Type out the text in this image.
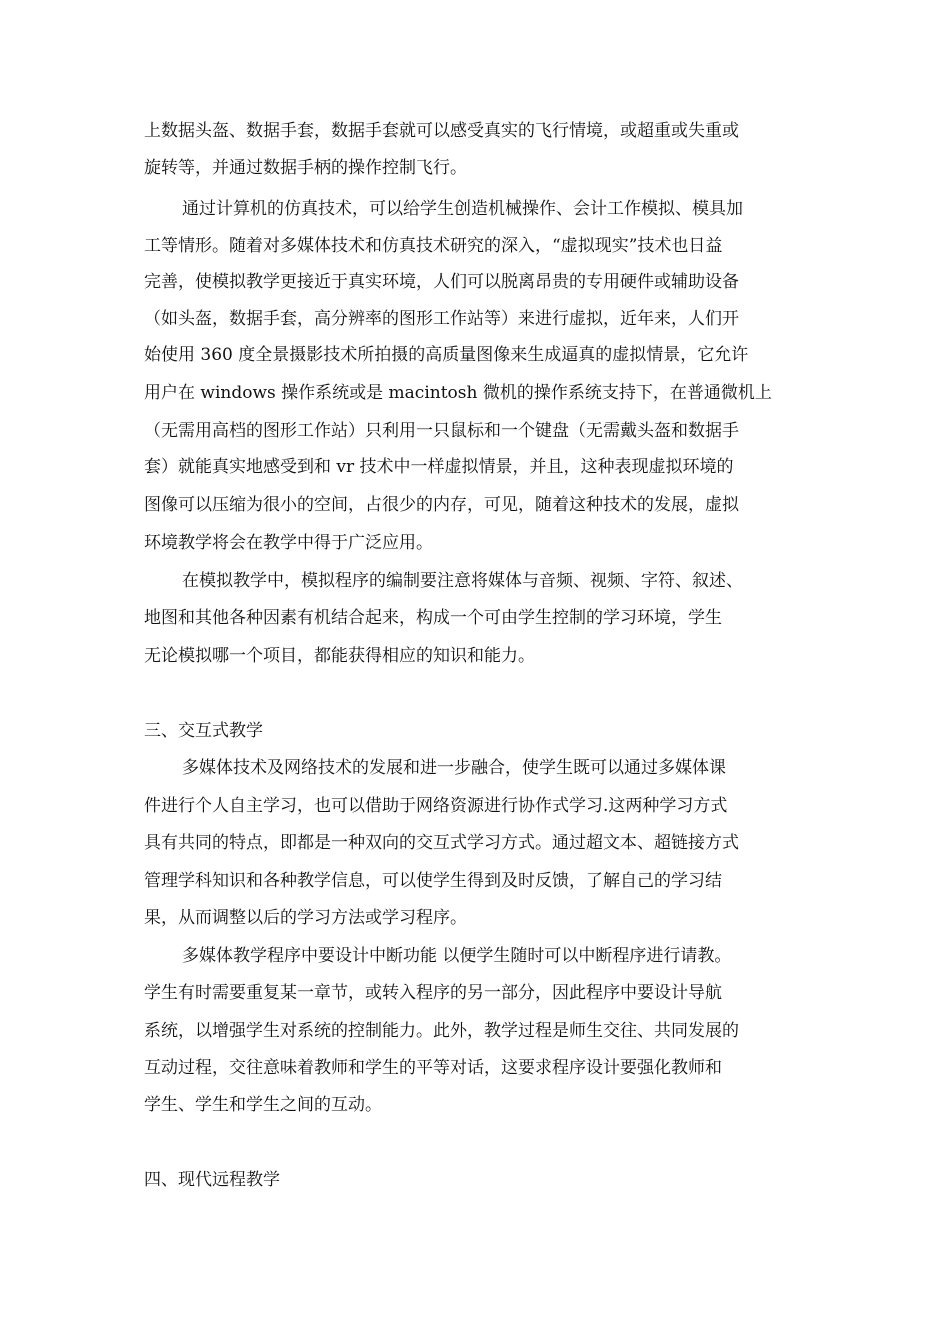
上数据头盔、数据手套，数据手套就可以感受真实的飞行情境，或超重或失重或
旋转等，并通过数据手柄的操作控制飞行。
通过计算机的仿真技术，可以给学生创造机械操作、会计工作模拟、模具加
工等情形。随着对多媒体技术和仿真技术研究的深入，“虚拟现实”技术也日益
完善，使模拟教学更接近于真实环境，人们可以脱离昂贵的专用硬件或辅助设备
（如头盔，数据手套，高分辨率的图形工作站等）来进行虚拟，近年来，人们开
始使用 360 度全景摄影技术所拍摄的高质量图像来生成逼真的虚拟情景，它允许
用户在 windows 操作系统或是 macintosh 微机的操作系统支持下，在普通微机上
（无需用高档的图形工作站）只利用一只鼠标和一个键盘（无需戴头盔和数据手
套）就能真实地感受到和 vr 技术中一样虚拟情景，并且，这种表现虚拟环境的
图像可以压缩为很小的空间，占很少的内存，可见，随着这种技术的发展，虚拟
环境教学将会在教学中得于广泛应用。
在模拟教学中，模拟程序的编制要注意将媒体与音频、视频、字符、叙述、
地图和其他各种因素有机结合起来，构成一个可由学生控制的学习环境，学生
无论模拟哪一个项目，都能获得相应的知识和能力。
三、交互式教学
多媒体技术及网络技术的发展和进一步融合，使学生既可以通过多媒体课
件进行个人自主学习，也可以借助于网络资源进行协作式学习.这两种学习方式
具有共同的特点，即都是一种双向的交互式学习方式。通过超文本、超链接方式
管理学科知识和各种教学信息，可以使学生得到及时反馈，了解自己的学习结
果，从而调整以后的学习方法或学习程序。
多媒体教学程序中要设计中断功能 以便学生随时可以中断程序进行请教。
学生有时需要重复某一章节，或转入程序的另一部分，因此程序中要设计导航
系统，以增强学生对系统的控制能力。此外，教学过程是师生交往、共同发展的
互动过程，交往意味着教师和学生的平等对话，这要求程序设计要强化教师和
学生、学生和学生之间的互动。
四、现代远程教学
